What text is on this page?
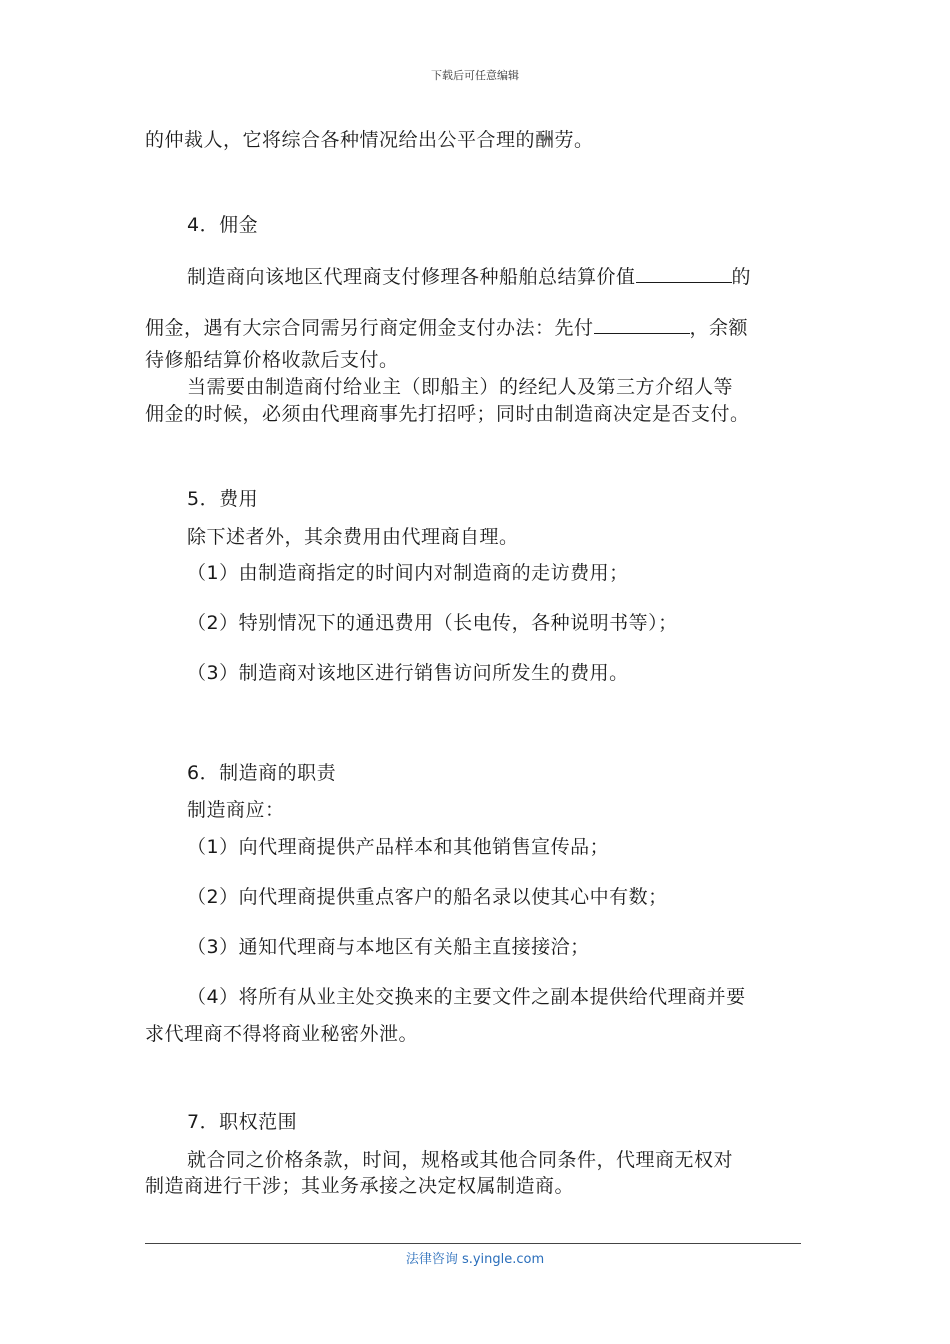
下载后可任意编辑
的仲裁人，它将综合各种情况给出公平合理的酬劳。
4．佣金
制造商向该地区代理商支付修理各种船舶总结算价值	的
佣金，遇有大宗合同需另行商定佣金支付办法：先付	，余额
待修船结算价格收款后支付。
当需要由制造商付给业主（即船主）的经纪人及第三方介绍人等
佣金的时候，必须由代理商事先打招呼；同时由制造商决定是否支付。
5．费用
除下述者外，其余费用由代理商自理。
（1）由制造商指定的时间内对制造商的走访费用；
（2）特别情况下的通迅费用（长电传，各种说明书等）；
（3）制造商对该地区进行销售访问所发生的费用。
6．制造商的职责
制造商应：
（1）向代理商提供产品样本和其他销售宣传品；
（2）向代理商提供重点客户的船名录以使其心中有数；
（3）通知代理商与本地区有关船主直接接洽；
（4）将所有从业主处交换来的主要文件之副本提供给代理商并要
求代理商不得将商业秘密外泄。
7．职权范围
就合同之价格条款，时间，规格或其他合同条件，代理商无权对
制造商进行干涉；其业务承接之决定权属制造商。
法律咨询 s.yingle.com
